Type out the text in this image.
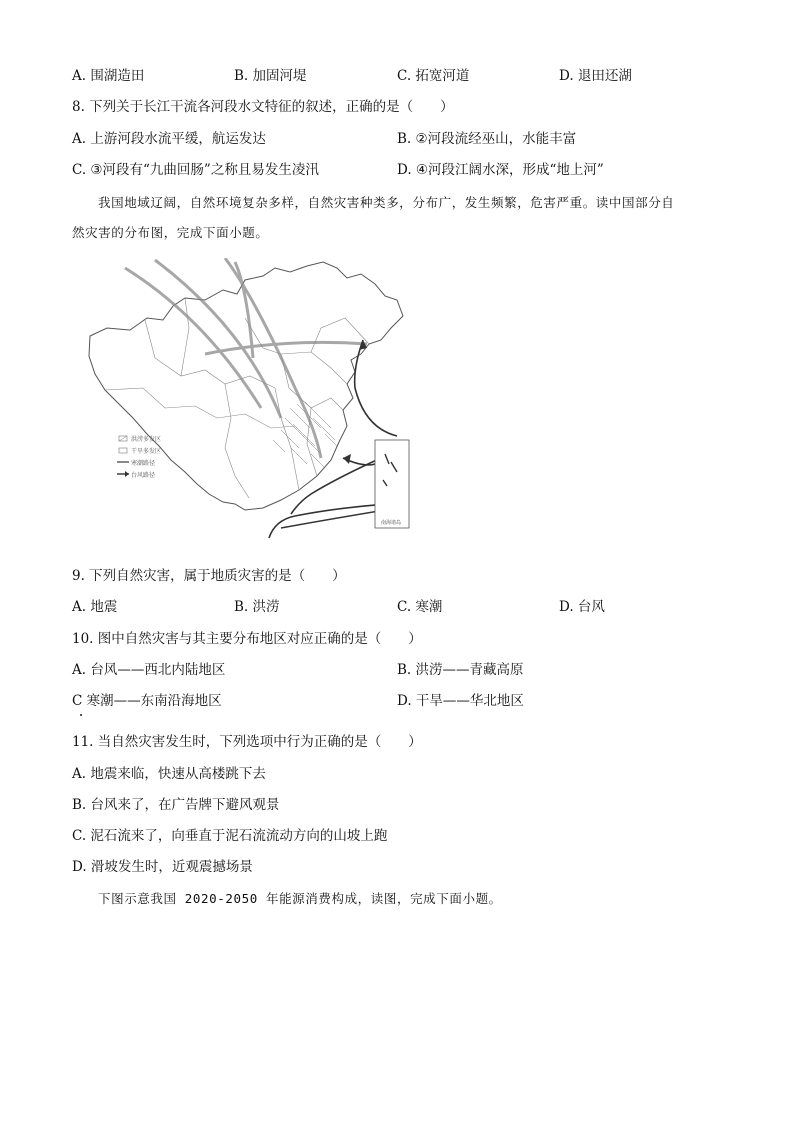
A. 围湖造田	B. 加固河堤	C. 拓宽河道	D. 退田还湖
8. 下列关于长江干流各河段水文特征的叙述，正确的是（　　）
A. 上游河段水流平缓，航运发达	B. ②河段流经巫山，水能丰富
C. ③河段有“九曲回肠”之称且易发生凌汛	D. ④河段江阔水深，形成“地上河”
我国地域辽阔，自然环境复杂多样，自然灾害种类多，分布广，发生频繁，危害严重。读中国部分自
然灾害的分布图，完成下面小题。
南海诸岛
洪涝多发区
干旱多发区
寒潮路径
台风路径
9. 下列自然灾害，属于地质灾害的是（　　）
A. 地震	B. 洪涝	C. 寒潮	D. 台风
10. 图中自然灾害与其主要分布地区对应正确的是（　　）
A. 台风——西北内陆地区	B. 洪涝——青藏高原
C 寒潮——东南沿海地区	D. 干旱——华北地区
11. 当自然灾害发生时，下列选项中行为正确的是（　　）
A. 地震来临，快速从高楼跳下去
B. 台风来了，在广告牌下避风观景
C. 泥石流来了，向垂直于泥石流流动方向的山坡上跑
D. 滑坡发生时，近观震撼场景
下图示意我国 2020-2050 年能源消费构成，读图，完成下面小题。
